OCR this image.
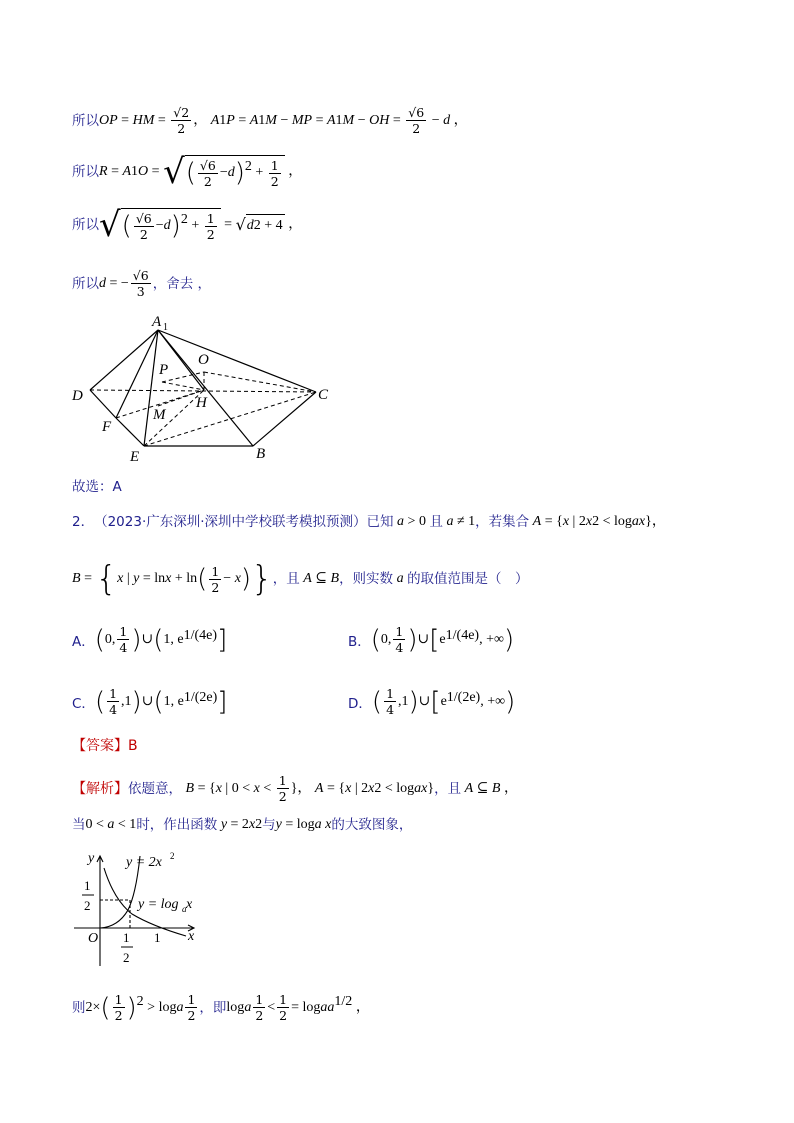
所以 OP = HM = $\frac{√2}{2}$ ， A 1 P = A 1 M − MP = A 1 M − OH = $\frac{√6}{2} - d$ ，
所以 R = A 1 O = √ ( $\frac{√6}{2} - d$ ) $2 + \frac{1}{2}$ ，
所以 √ ( $\frac{√6}{2} - d$ ) $2 + \frac{1}{2}$ = √ d 2 + 4 ，
所以 d = − $\frac{√6}{3}$ ，舍去 ，
A 1
O
P
H
D	C
F
M
E	B
故选：A
2． （2023·广东深圳·深圳中学校联考模拟预测） 已知 a > 0 且 a ≠ 1 ，若集合 A = { x | 2 x 2 < log a x }，
B = { x | y = ln x + ln ( $\frac{1}{2} - x$ ) } ，且 A ⊆ B ，则实数 a 的取值范围是（　）
A． ( 0, $\frac{1}{4}$ ) ∪ ( 1, e 1/(4e) ]	B． ( 0, $\frac{1}{4}$ ) ∪ [ e 1/(4e) , +∞ )
C． ( $\frac{1}{4} ,1$ ) ∪ ( 1, e 1/(2e) ]	D． ( $\frac{1}{4} ,1$ ) ∪ [ e 1/(2e) , +∞ )
【答案】B
【解析】 依题意， B = { x | $0 < x < \frac{1}{2}$ }， A = { x | 2 x 2 < log a x } ，且 A ⊆ B ，
当 0 < a < 1 时，作出函数 y = 2 x 2 与 y = log a x 的大致图象，
y
x
O
y = 2x 2
y = log a x
1
2
1
2
1
则 2× ( $\frac{1}{2}$ ) 2 > log a $\frac{1}{2}$ ，即 log a $\frac{1}{2} < \frac{1}{2} = \log a$ a 1/2 ，
